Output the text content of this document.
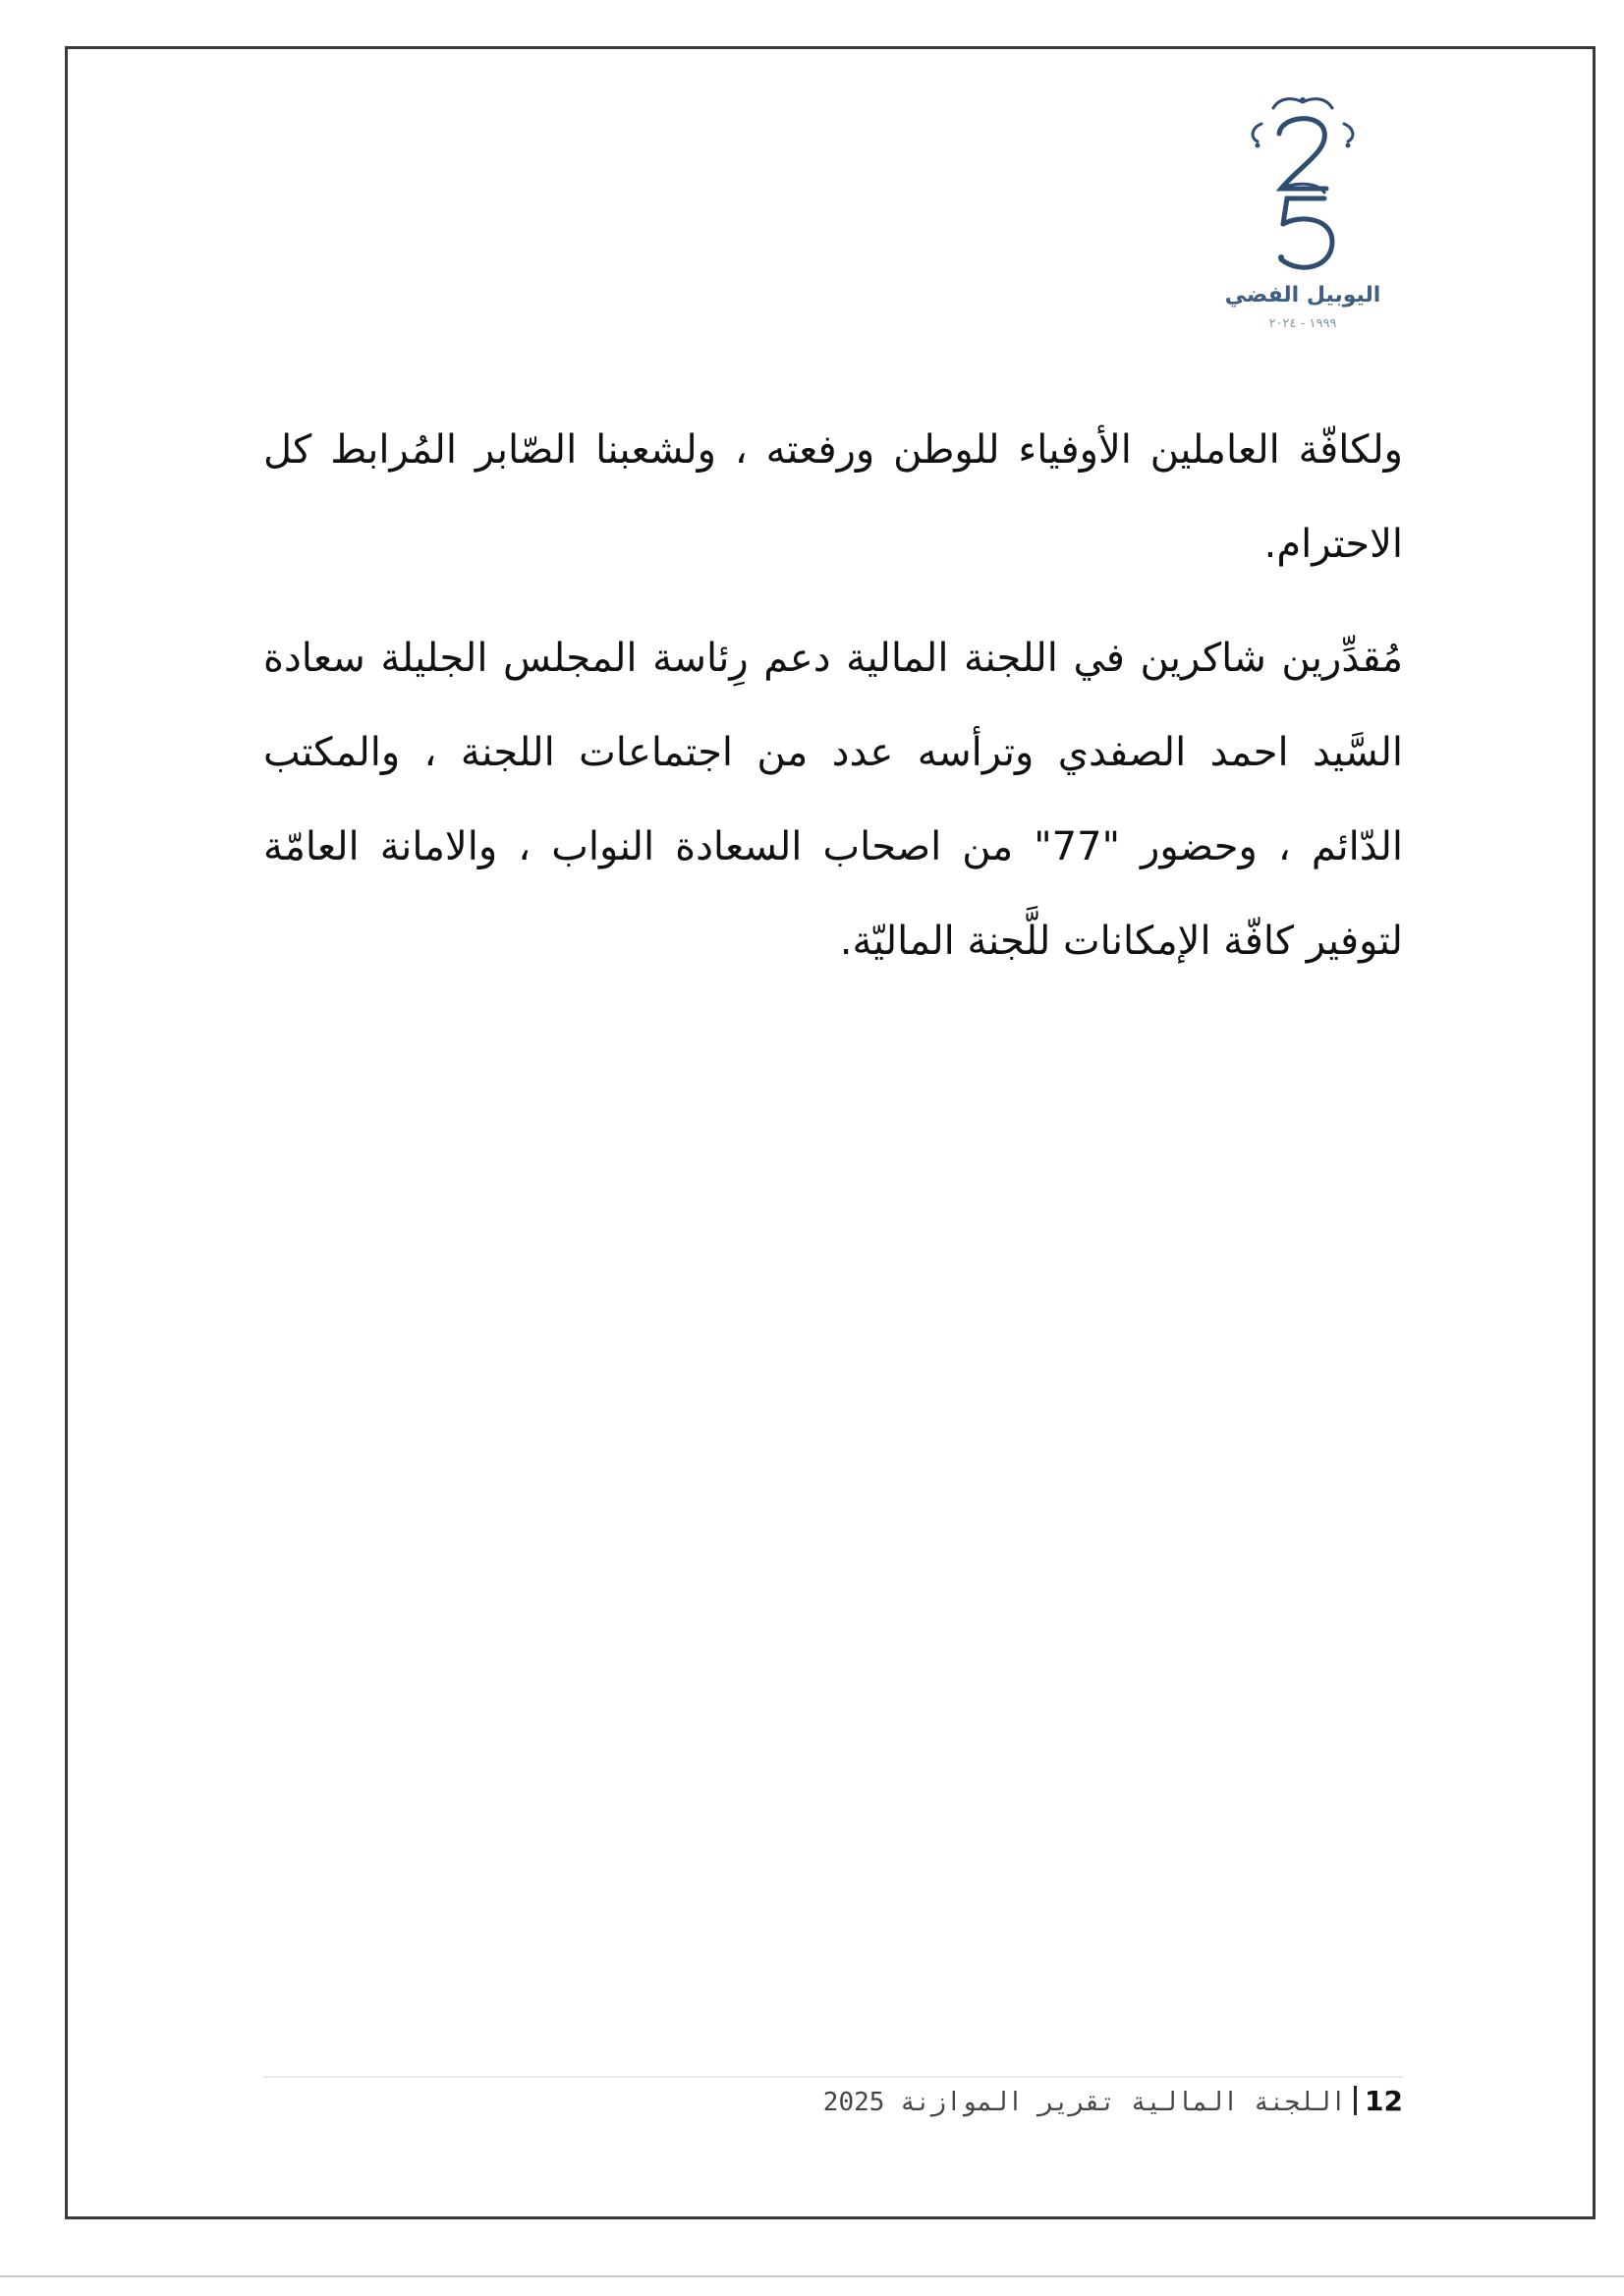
اليوبيل الفضي
١٩٩٩ - ٢٠٢٤

ولكافّة العاملين الأوفياء للوطن ورفعته ، ولشعبنا الصّابر المُرابط كل الاحترام.

مُقدِّرين شاكرين في اللجنة المالية دعم رِئاسة المجلس الجليلة سعادة السَّيد احمد الصفدي وترأسه عدد من اجتماعات اللجنة ، والمكتب الدّائم ، وحضور "77" من اصحاب السعادة النواب ، والامانة العامّة لتوفير كافّة الإمكانات للَّجنة الماليّة.

12اللجنة المالية تقرير الموازنة 2025
